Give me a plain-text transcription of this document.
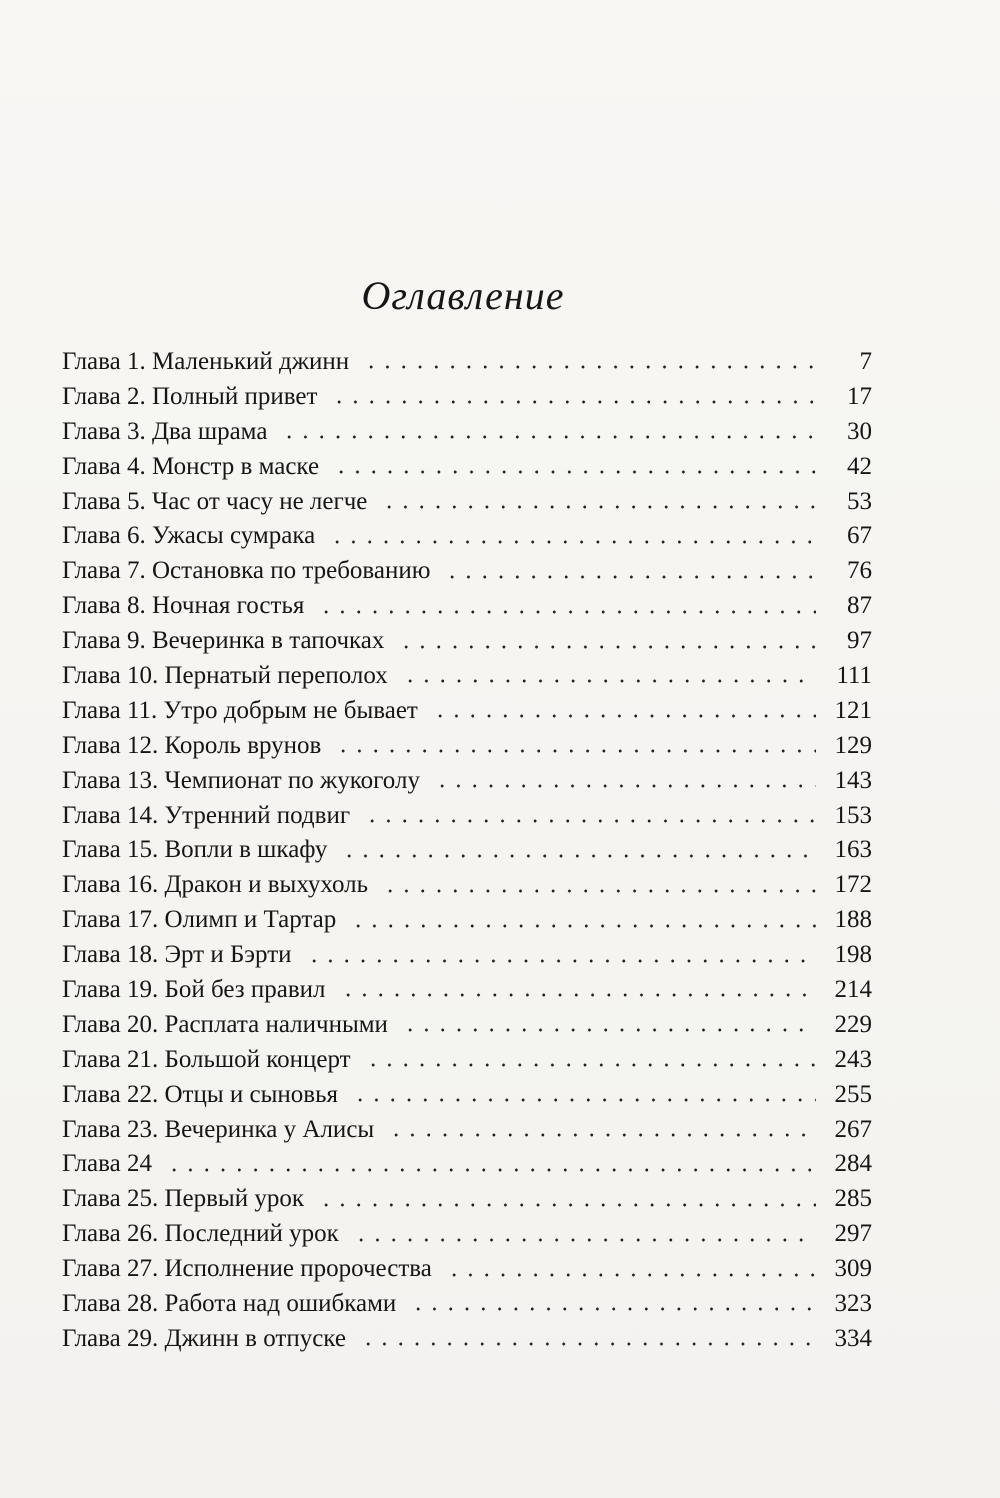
Оглавление
Глава 1. Маленький джинн	7
Глава 2. Полный привет	17
Глава 3. Два шрама	30
Глава 4. Монстр в маске	42
Глава 5. Час от часу не легче	53
Глава 6. Ужасы сумрака	67
Глава 7. Остановка по требованию	76
Глава 8. Ночная гостья	87
Глава 9. Вечеринка в тапочках	97
Глава 10. Пернатый переполох	111
Глава 11. Утро добрым не бывает	121
Глава 12. Король врунов	129
Глава 13. Чемпионат по жукоголу	143
Глава 14. Утренний подвиг	153
Глава 15. Вопли в шкафу	163
Глава 16. Дракон и выхухоль	172
Глава 17. Олимп и Тартар	188
Глава 18. Эрт и Бэрти	198
Глава 19. Бой без правил	214
Глава 20. Расплата наличными	229
Глава 21. Большой концерт	243
Глава 22. Отцы и сыновья	255
Глава 23. Вечеринка у Алисы	267
Глава 24	284
Глава 25. Первый урок	285
Глава 26. Последний урок	297
Глава 27. Исполнение пророчества	309
Глава 28. Работа над ошибками	323
Глава 29. Джинн в отпуске	334
